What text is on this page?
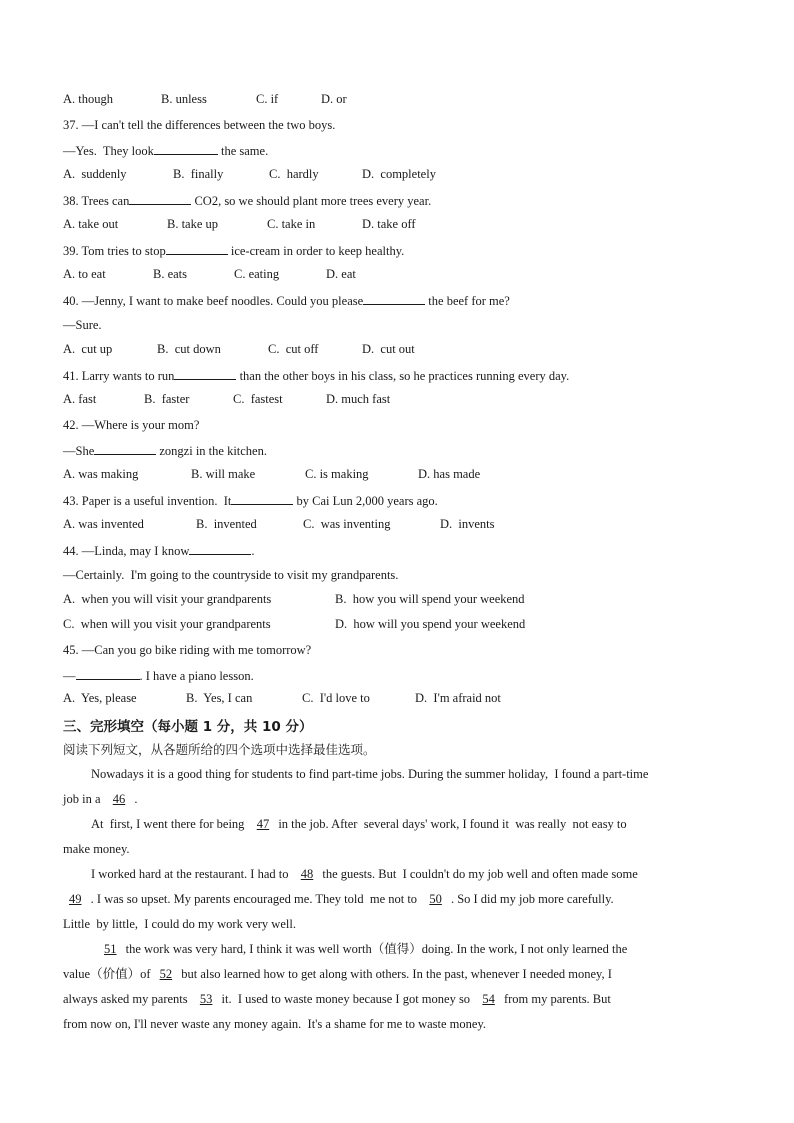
A. though	B. unless	C. if	D. or
37. —I can't tell the differences between the two boys.
—Yes.  They look	the same.
A.  suddenly	B.  finally	C.  hardly	D.  completely
38. Trees can	CO2, so we should plant more trees every year.
A. take out	B. take up	C. take in	D. take off
39. Tom tries to stop	ice-cream in order to keep healthy.
A. to eat	B. eats	C. eating	D. eat
40. —Jenny, I want to make beef noodles. Could you please	the beef for me?
—Sure.
A.  cut up	B.  cut down	C.  cut off	D.  cut out
41. Larry wants to run	than the other boys in his class, so he practices running every day.
A. fast	B.  faster	C.  fastest	D. much fast
42. —Where is your mom?
—She	zongzi in the kitchen.
A. was making	B. will make	C. is making	D. has made
43. Paper is a useful invention.  It	by Cai Lun 2,000 years ago.
A. was invented	B.  invented	C.  was inventing	D.  invents
44. —Linda, may I know	.
—Certainly.  I'm going to the countryside to visit my grandparents.
A.  when you will visit your grandparents	B.  how you will spend your weekend
C.  when will you visit your grandparents	D.  how will you spend your weekend
45. —Can you go bike riding with me tomorrow?
—	. I have a piano lesson.
A.  Yes, please	B.  Yes, I can	C.  I'd love to	D.  I'm afraid not
三、完形填空（每小题 1 分，共 10 分）
阅读下列短文，从各题所给的四个选项中选择最佳选项。
Nowadays it is a good thing for students to find part-time jobs. During the summer holiday,  I found a part-time
job in a 46 .
At  first, I went there for being 47 in the job. After  several days' work, I found it  was really  not easy to
make money.
I worked hard at the restaurant. I had to 48 the guests. But  I couldn't do my job well and often made some
49 . I was so upset. My parents encouraged me. They told  me not to 50 . So I did my job more carefully.
Little  by little,  I could do my work very well.
51 the work was very hard, I think it was well worth（值得）doing. In the work, I not only learned the
value（价值）of 52 but also learned how to get along with others. In the past, whenever I needed money, I
always asked my parents 53 it.  I used to waste money because I got money so 54 from my parents. But
from now on, I'll never waste any money again.  It's a shame for me to waste money.
